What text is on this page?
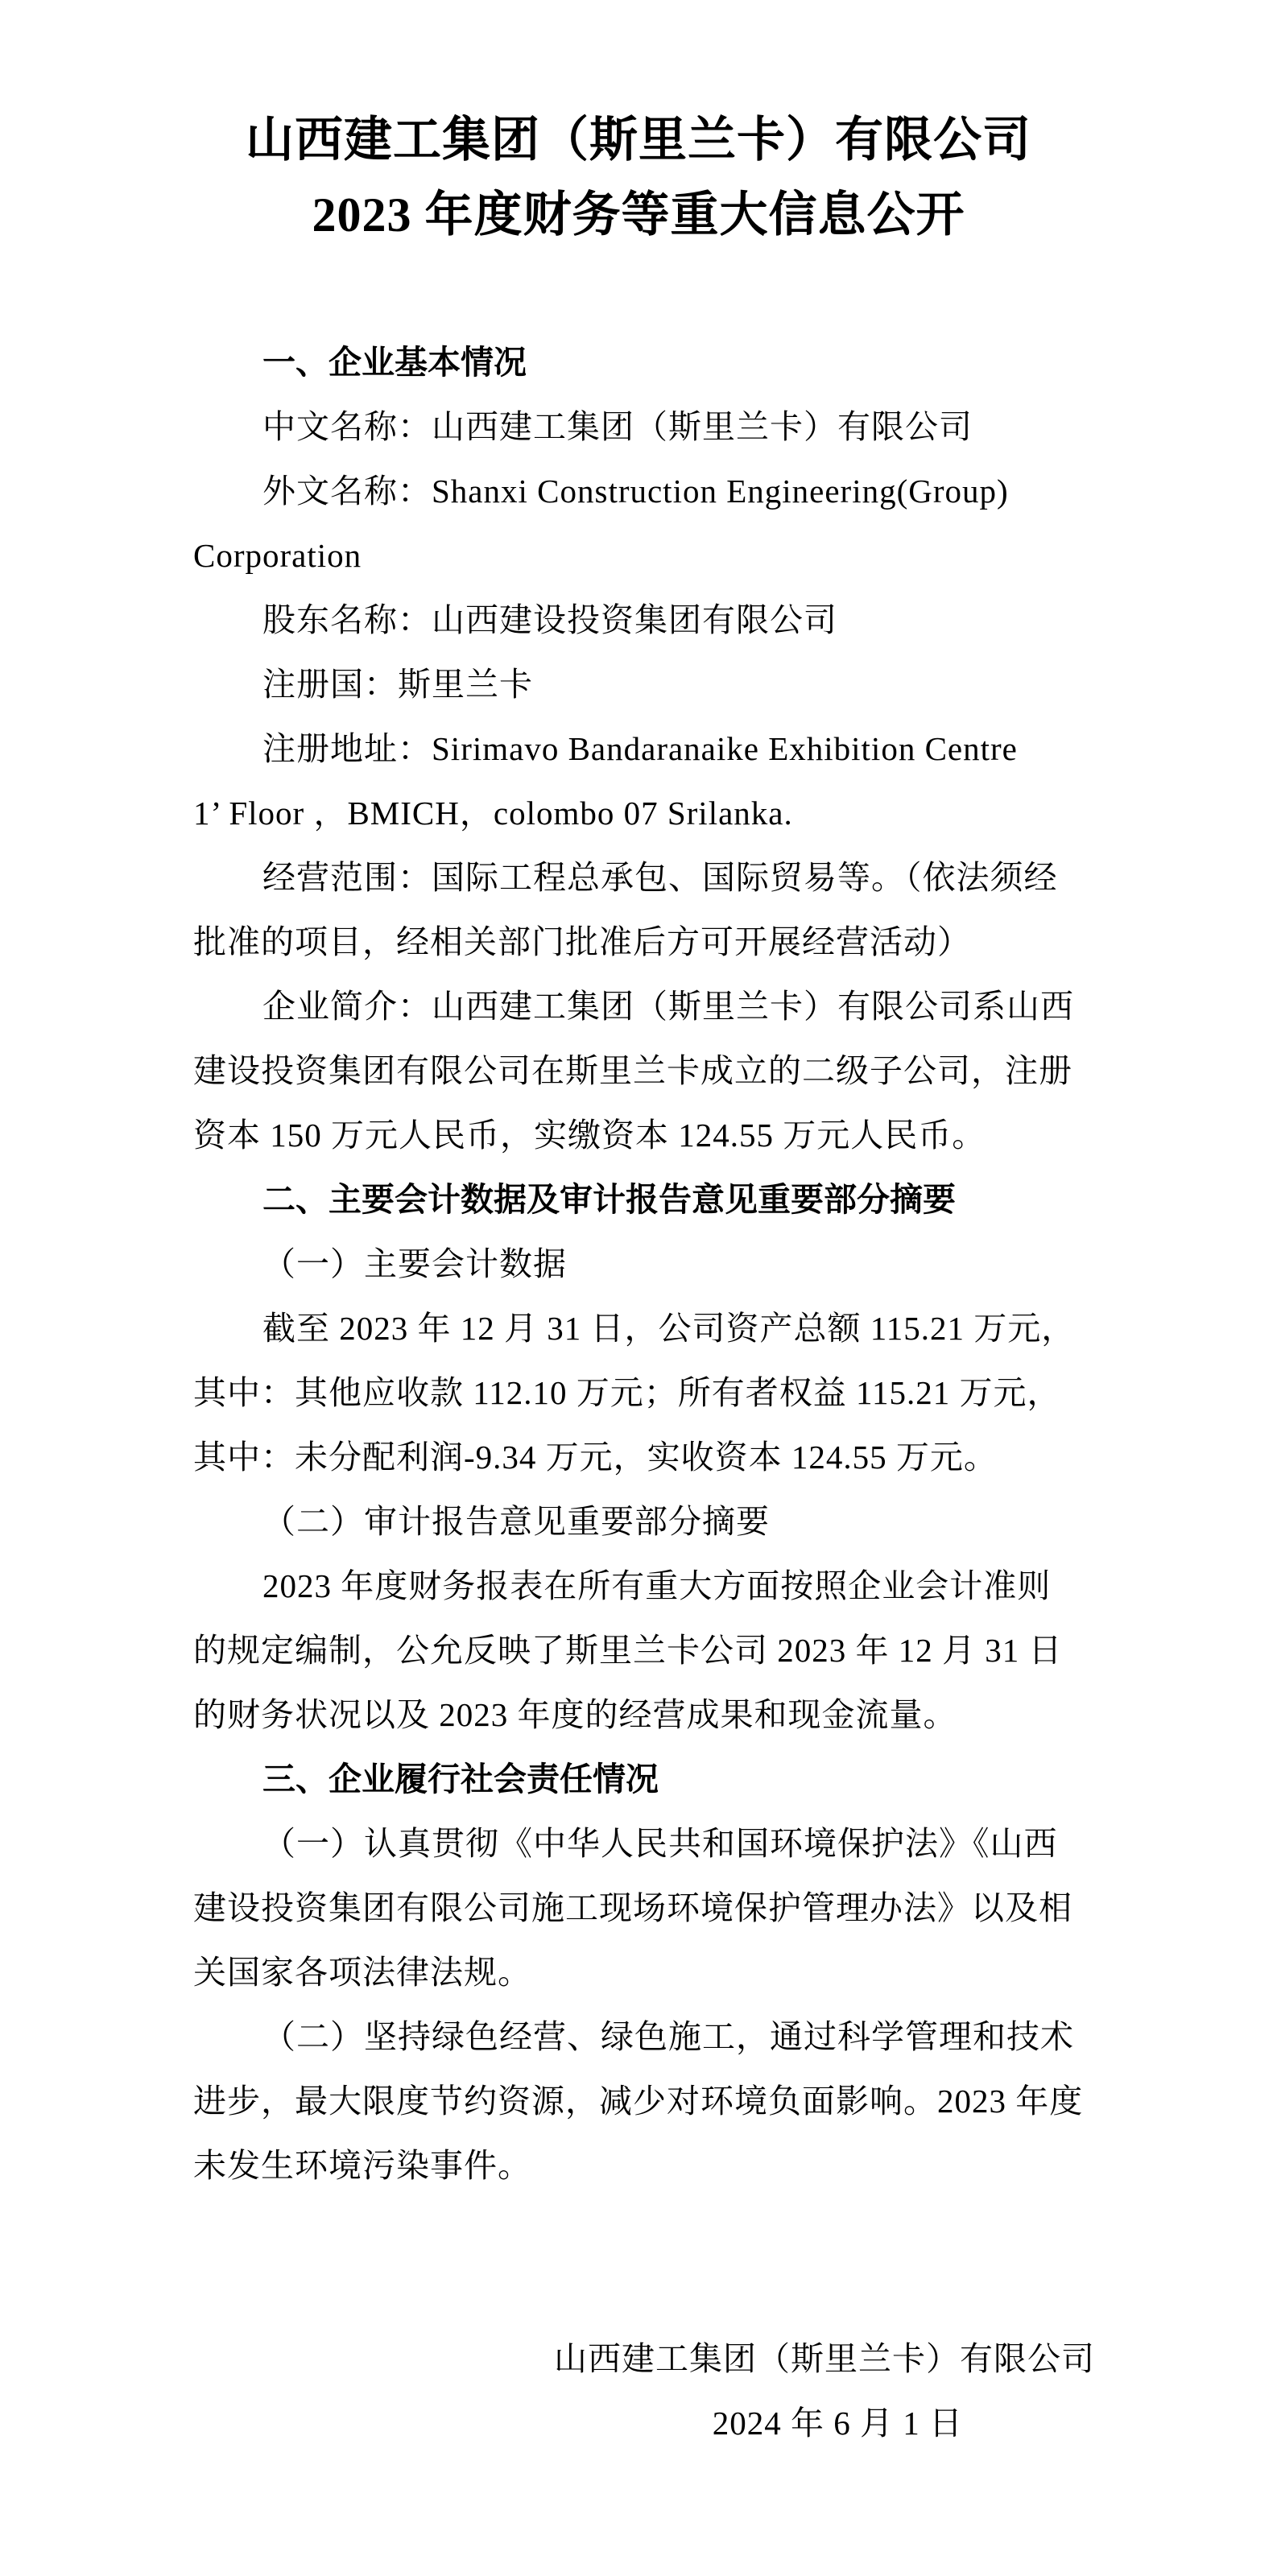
山西建工集团（斯里兰卡）有限公司
2023 年度财务等重大信息公开
一、企业基本情况
中文名称：山西建工集团（斯里兰卡）有限公司
外文名称：Shanxi Construction Engineering(Group)
Corporation
股东名称：山西建设投资集团有限公司
注册国：斯里兰卡
注册地址：Sirimavo Bandaranaike Exhibition Centre
1’ Floor ，BMICH，colombo 07 Srilanka.
经营范围：国际工程总承包、国际贸易等。（依法须经
批准的项目，经相关部门批准后方可开展经营活动）
企业简介：山西建工集团（斯里兰卡）有限公司系山西
建设投资集团有限公司在斯里兰卡成立的二级子公司，注册
资本 150 万元人民币，实缴资本 124.55 万元人民币。
二、主要会计数据及审计报告意见重要部分摘要
（一）主要会计数据
截至 2023 年 12 月 31 日，公司资产总额 115.21 万元，
其中：其他应收款 112.10 万元；所有者权益 115.21 万元，
其中：未分配利润-9.34 万元，实收资本 124.55 万元。
（二）审计报告意见重要部分摘要
2023 年度财务报表在所有重大方面按照企业会计准则
的规定编制，公允反映了斯里兰卡公司 2023 年 12 月 31 日
的财务状况以及 2023 年度的经营成果和现金流量。
三、企业履行社会责任情况
（一）认真贯彻《中华人民共和国环境保护法》《山西
建设投资集团有限公司施工现场环境保护管理办法》以及相
关国家各项法律法规。
（二）坚持绿色经营、绿色施工，通过科学管理和技术
进步，最大限度节约资源，减少对环境负面影响。2023 年度
未发生环境污染事件。
山西建工集团（斯里兰卡）有限公司
2024 年 6 月 1 日
